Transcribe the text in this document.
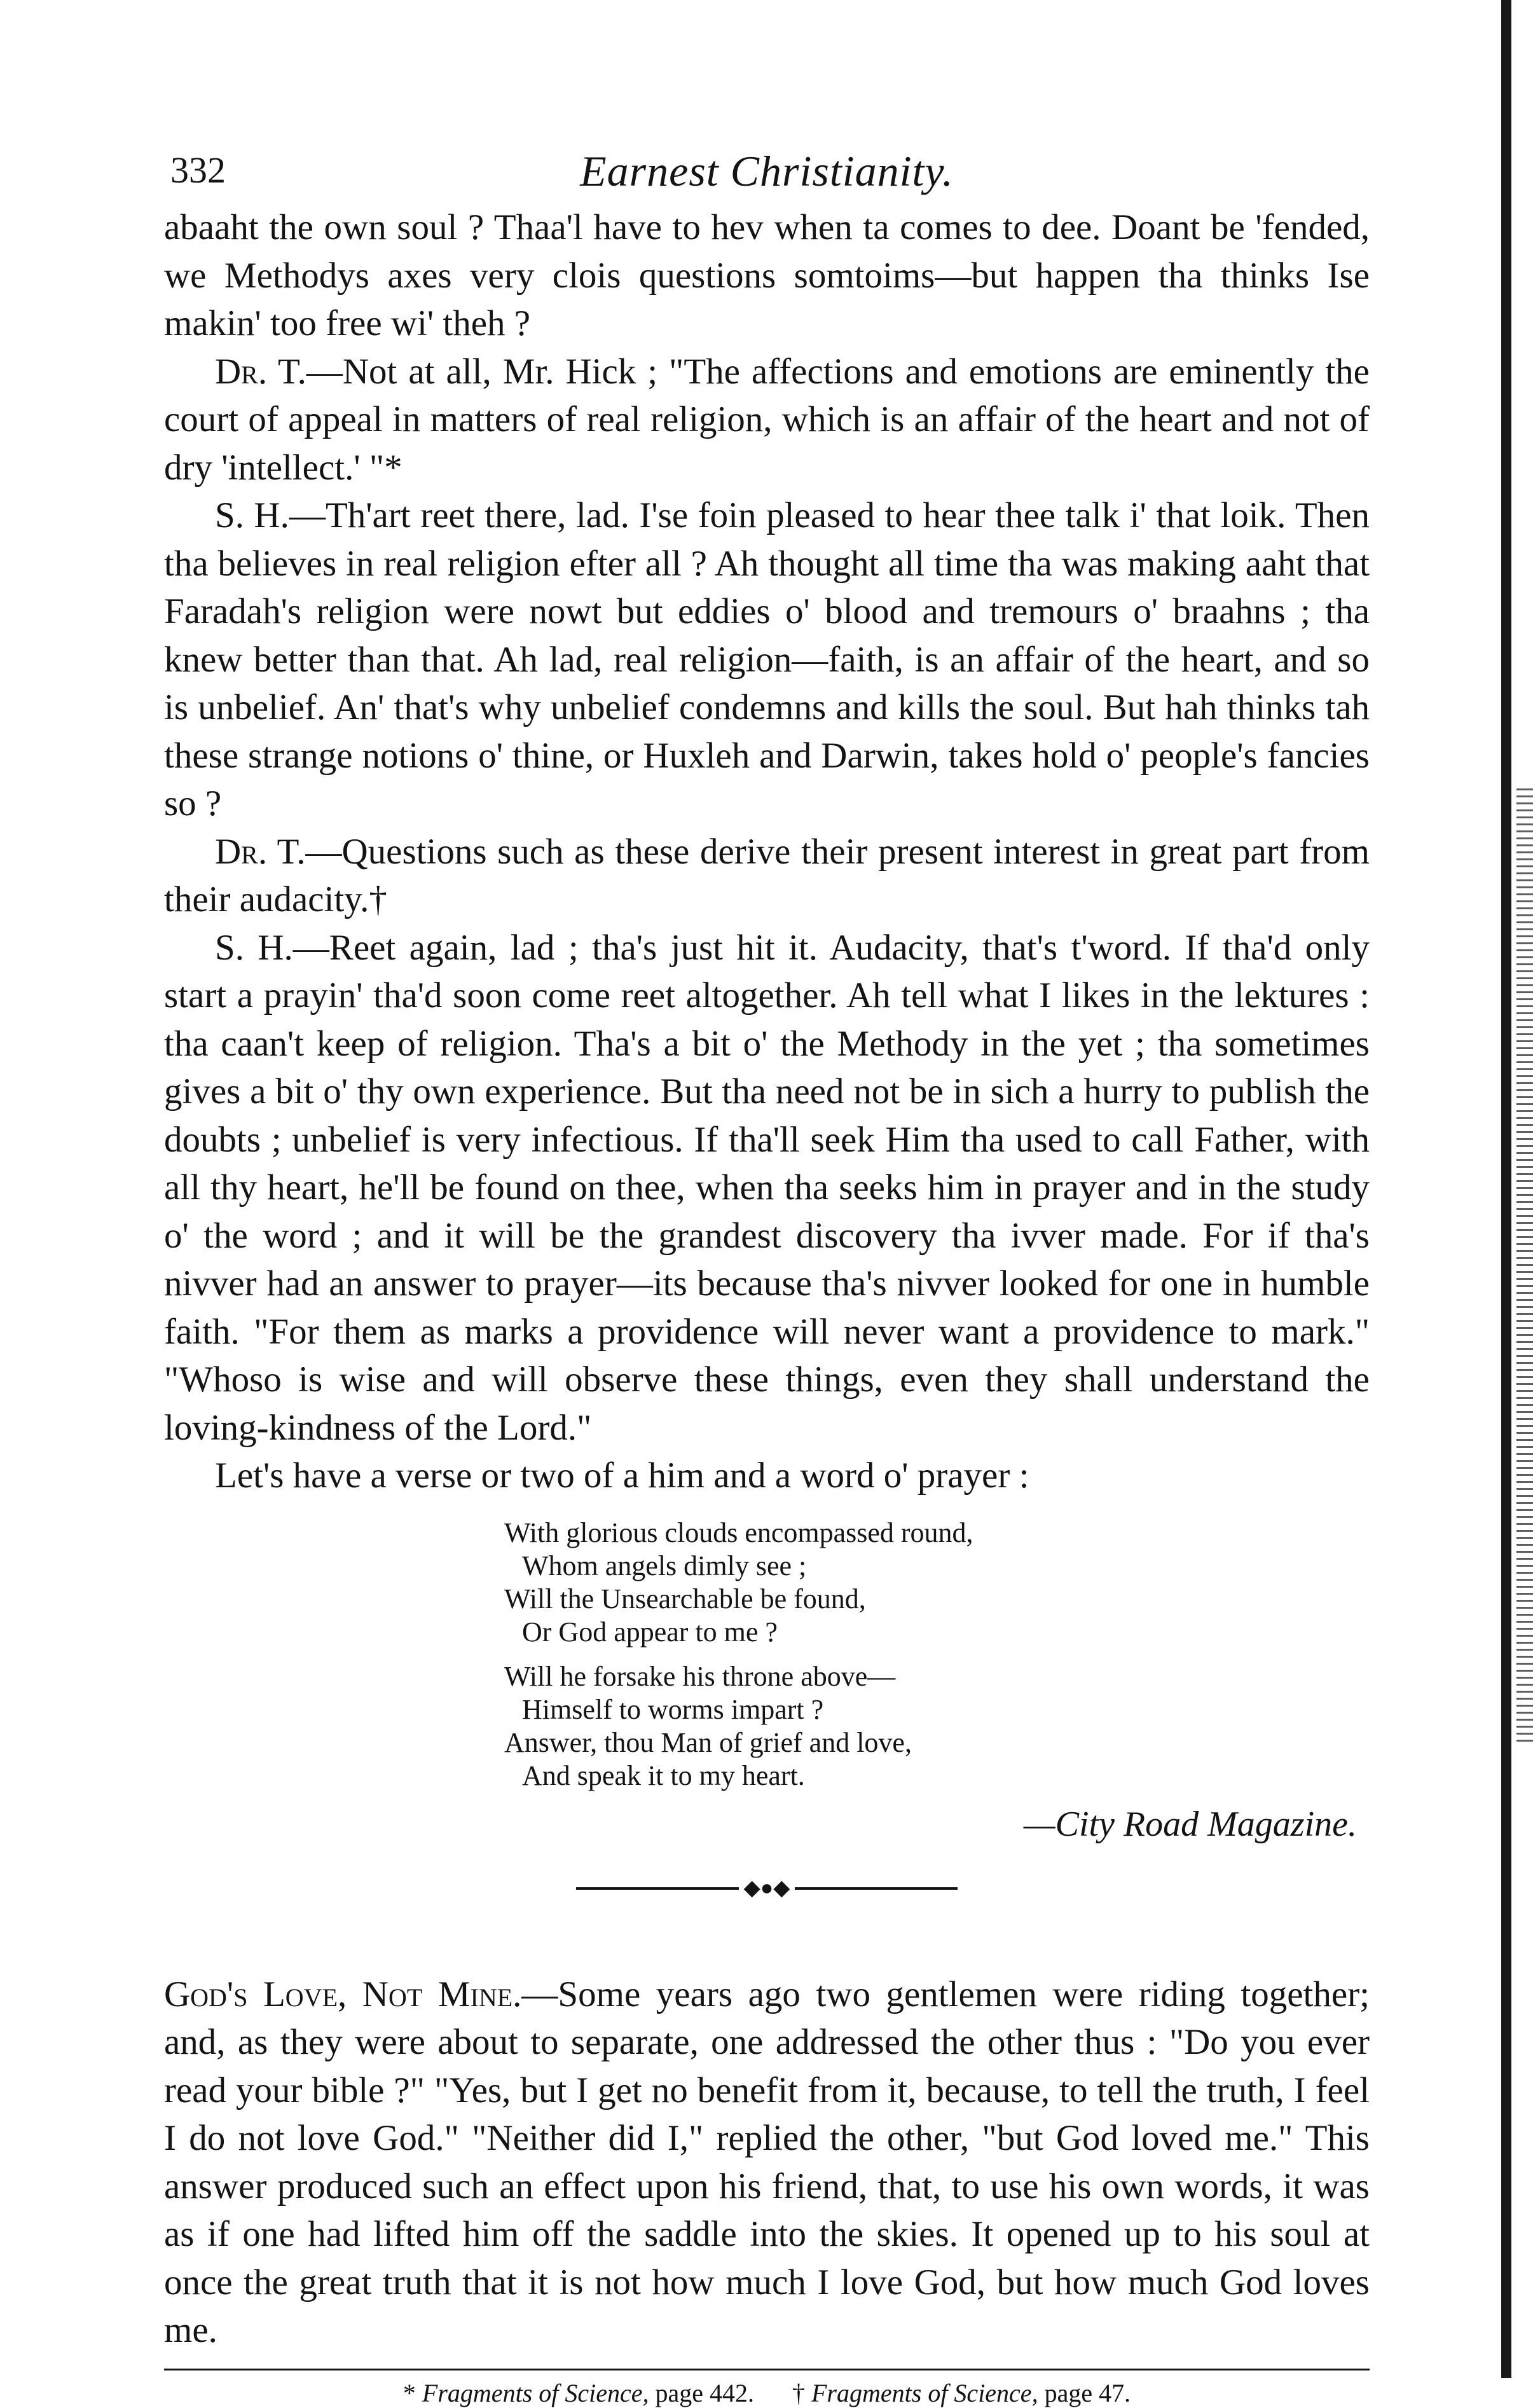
332	Earnest Christianity.

abaaht the own soul ? Thaa'l have to hev when ta comes to dee. Doant be 'fended, we Methodys axes very clois questions somtoims—but happen tha thinks Ise makin' too free wi' theh ?

Dr. T.—Not at all, Mr. Hick ; "The affections and emotions are eminently the court of appeal in matters of real religion, which is an affair of the heart and not of dry 'intellect.' "*

S. H.—Th'art reet there, lad. I'se foin pleased to hear thee talk i' that loik. Then tha believes in real religion efter all ? Ah thought all time tha was making aaht that Faradah's religion were nowt but eddies o' blood and tremours o' braahns ; tha knew better than that. Ah lad, real religion—faith, is an affair of the heart, and so is unbelief. An' that's why unbelief condemns and kills the soul. But hah thinks tah these strange notions o' thine, or Huxleh and Darwin, takes hold o' people's fancies so ?

Dr. T.—Questions such as these derive their present interest in great part from their audacity.†

S. H.—Reet again, lad ; tha's just hit it. Audacity, that's t'word. If tha'd only start a prayin' tha'd soon come reet altogether. Ah tell what I likes in the lektures : tha caan't keep of religion. Tha's a bit o' the Methody in the yet ; tha sometimes gives a bit o' thy own experience. But tha need not be in sich a hurry to publish the doubts ; unbelief is very infectious. If tha'll seek Him tha used to call Father, with all thy heart, he'll be found on thee, when tha seeks him in prayer and in the study o' the word ; and it will be the grandest discovery tha ivver made. For if tha's nivver had an answer to prayer—its because tha's nivver looked for one in humble faith. "For them as marks a providence will never want a providence to mark." "Whoso is wise and will observe these things, even they shall understand the loving-kindness of the Lord."

Let's have a verse or two of a him and a word o' prayer :

With glorious clouds encompassed round,
Whom angels dimly see ;
Will the Unsearchable be found,
Or God appear to me ?
Will he forsake his throne above—
Himself to worms impart ?
Answer, thou Man of grief and love,
And speak it to my heart.
—City Road Magazine.
◆●◆

God's Love, Not Mine.—Some years ago two gentlemen were riding together; and, as they were about to separate, one addressed the other thus : "Do you ever read your bible ?" "Yes, but I get no benefit from it, because, to tell the truth, I feel I do not love God." "Neither did I," replied the other, "but God loved me." This answer produced such an effect upon his friend, that, to use his own words, it was as if one had lifted him off the saddle into the skies. It opened up to his soul at once the great truth that it is not how much I love God, but how much God loves me.

* Fragments of Science, page 442. † Fragments of Science, page 47.
